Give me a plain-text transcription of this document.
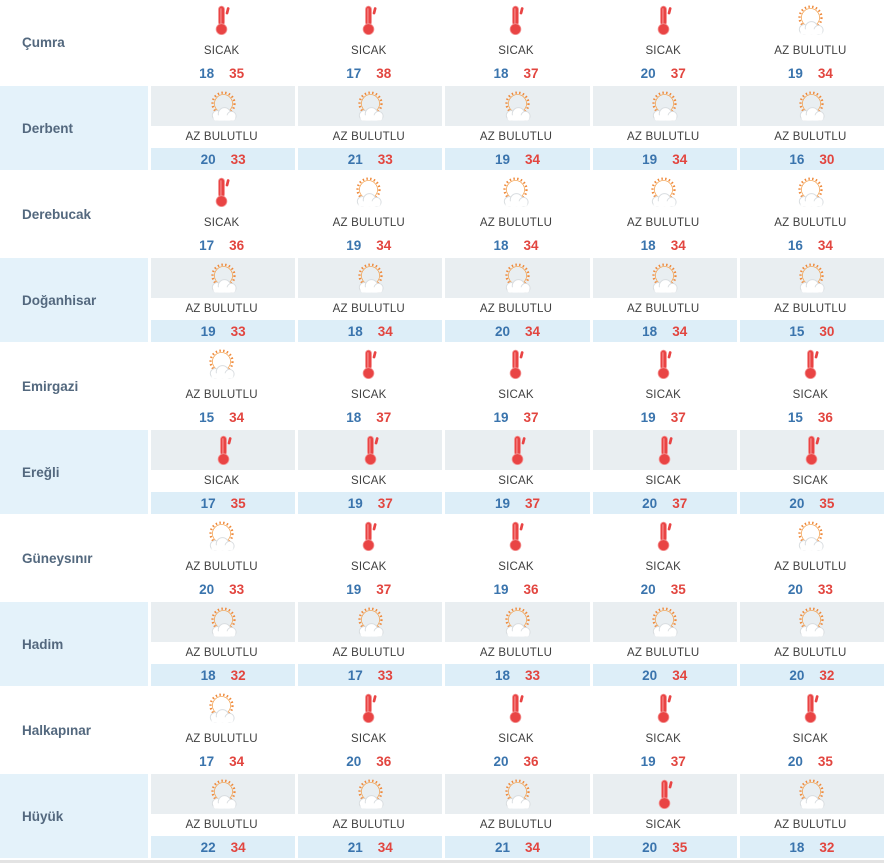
Çumra
SICAK
18 35
SICAK
17 38
SICAK
18 37
SICAK
20 37
AZ BULUTLU
19 34
Derbent
AZ BULUTLU
20 33
AZ BULUTLU
21 33
AZ BULUTLU
19 34
AZ BULUTLU
19 34
AZ BULUTLU
16 30
Derebucak
SICAK
17 36
AZ BULUTLU
19 34
AZ BULUTLU
18 34
AZ BULUTLU
18 34
AZ BULUTLU
16 34
Doğanhisar
AZ BULUTLU
19 33
AZ BULUTLU
18 34
AZ BULUTLU
20 34
AZ BULUTLU
18 34
AZ BULUTLU
15 30
Emirgazi
AZ BULUTLU
15 34
SICAK
18 37
SICAK
19 37
SICAK
19 37
SICAK
15 36
Ereğli
SICAK
17 35
SICAK
19 37
SICAK
19 37
SICAK
20 37
SICAK
20 35
Güneysınır
AZ BULUTLU
20 33
SICAK
19 37
SICAK
19 36
SICAK
20 35
AZ BULUTLU
20 33
Hadim
AZ BULUTLU
18 32
AZ BULUTLU
17 33
AZ BULUTLU
18 33
AZ BULUTLU
20 34
AZ BULUTLU
20 32
Halkapınar
AZ BULUTLU
17 34
SICAK
20 36
SICAK
20 36
SICAK
19 37
SICAK
20 35
Hüyük
AZ BULUTLU
22 34
AZ BULUTLU
21 34
AZ BULUTLU
21 34
SICAK
20 35
AZ BULUTLU
18 32
